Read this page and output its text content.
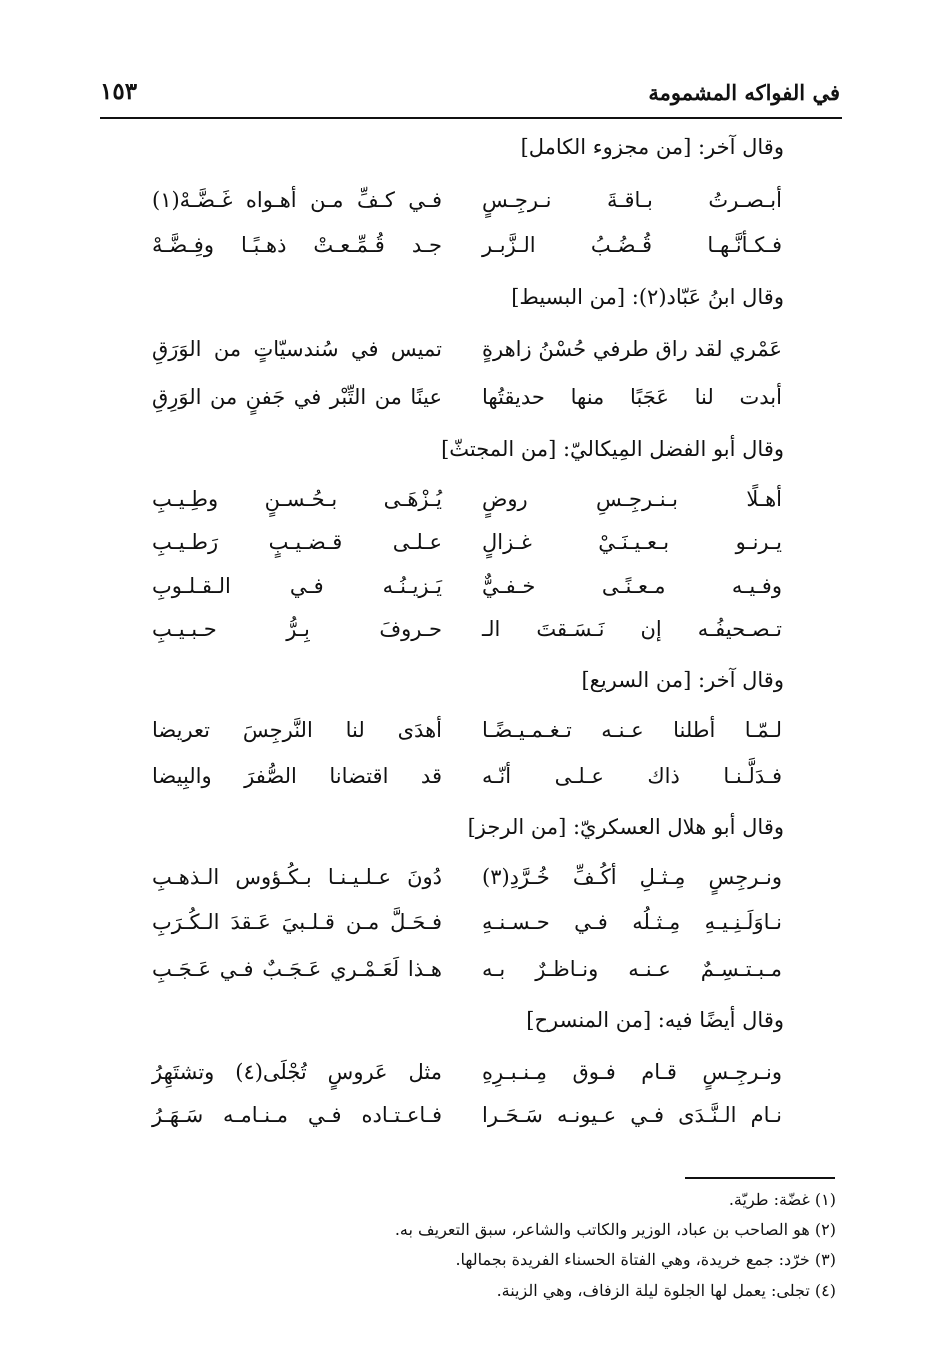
في الفواكه المشمومة
١٥٣
وقال آخر: [من مجزوء الكامل]
أبـصـرتُ بـاقـةَ نـرجِـسٍ
فـي كـفِّ مـن أهـواه غَـضَّـهْ(١)
فـكـأنَّـهـا قُـضُـبُ الـزَّبـر
جـد قُـمِّـعـتْ ذهـبًـا وفِـضَّـهْ
وقال ابنُ عَبّاد(٢): [من البسيط]
عَمْري لقد راق طرفي حُسْنُ زاهرةٍ
تميس في سُندسيّاتٍ من الوَرَقِ
أبدت لنا عَجَبًا منها حديقتُها
عينًا من التِّبْر في جَفنٍ من الوَرِقِ
وقال أبو الفضل المِيكاليّ: [من المجتثّ]
أهـلًا بـنـرجِـسِ روضٍ
يُـزْهَـى بـحُـسـنٍ وطِـيـبِ
يـرنـو بـعـيـنَـيْ غـزالٍ
عـلـى قـضـيـبٍ رَطـيـبِ
وفـيـه مـعـنًـى خـفـيٌّ
يَـزيـنُـه فـي الـقـلـوبِ
تـصـحيفُـه إن نَـسَـقتَ الـ
حـروفَ بِـرُّ حـبـيـبِ
وقال آخر: [من السريع]
لـمّـا أطلنا عـنـه تـغـمـيـضًـا
أهدَى لنا النَّرجِسَ تعريضا
فـدَلَّـنـا ذاك عـلـى أنّـه
قد اقتضانا الصُّفرَ والبِيضا
وقال أبو هلال العسكريّ: [من الرجز]
ونـرجِسٍ مِـثـلِ أكُـفِّ خُـرَّدِ(٣)
دُونَ عـلـيـنـا بـكُـؤوس الـذهـبِ
نـاوَلَـنِـيـهِ مِـثـلُه فـي حـسـنـهِ
فـحَـلَّ مـن قـلـبيَ عَـقدَ الـكُـرَبِ
مـبـتـسِـمٌ عـنـه ونـاظـرٌ بـه
هـذا لَعَـمْـري عَـجَـبٌ فـي عَـجَـبِ
وقال أيضًا فيه: [من المنسرح]
ونـرجِـسٍ قـام فـوق مِـنـبـرِهِ
مثل عَروسٍ تُجْلَى(٤) وتشتَهِرُ
نـام الـنَّـدَى فـي عـيونـه سَـحَـرا
فـاعـتـاده فـي مـنـامـه سَـهَـرُ
(١) غضّة: طريّة.
(٢) هو الصاحب بن عباد، الوزير والكاتب والشاعر، سبق التعريف به.
(٣) خرّد: جمع خريدة، وهي الفتاة الحسناء الفريدة بجمالها.
(٤) تجلى: يعمل لها الجلوة ليلة الزفاف، وهي الزينة.
